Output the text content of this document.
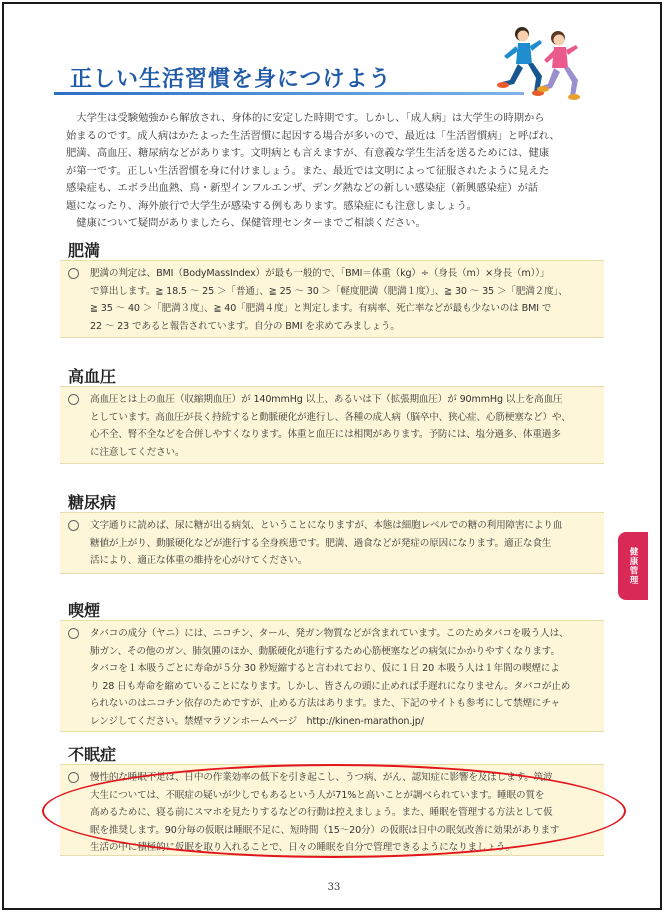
正しい生活習慣を身につけよう
　大学生は受験勉強から解放され、身体的に安定した時期です。しかし、「成人病」は大学生の時期から
始まるのです。成人病はかたよった生活習慣に起因する場合が多いので、最近は「生活習慣病」と呼ばれ、
肥満、高血圧、糖尿病などがあります。文明病とも言えますが、有意義な学生生活を送るためには、健康
が第一です。正しい生活習慣を身に付けましょう。また、最近では文明によって征服されたように見えた
感染症も、エボラ出血熱、鳥・新型インフルエンザ、デング熱などの新しい感染症（新興感染症）が話
題になったり、海外旅行で大学生が感染する例もあります。感染症にも注意しましょう。
　健康について疑問がありましたら、保健管理センターまでご相談ください。
肥満
肥満の判定は、BMI（BodyMassIndex）が最も一般的で、「BMI＝体重（kg）÷（身長（m）×身長（m））」
で算出します。≧ 18.5 ～ 25 ＞「普通」、≧ 25 ～ 30 ＞「軽度肥満（肥満１度）」、≧ 30 ～ 35 ＞「肥満２度」、
≧ 35 ～ 40 ＞「肥満３度」、≧ 40「肥満４度」と判定します。有病率、死亡率などが最も少ないのは BMI で
22 ～ 23 であると報告されています。自分の BMI を求めてみましょう。
高血圧
高血圧とは上の血圧（収縮期血圧）が 140mmHg 以上、あるいは下（拡張期血圧）が 90mmHg 以上を高血圧
としています。高血圧が長く持続すると動脈硬化が進行し、各種の成人病（脳卒中、狭心症、心筋梗塞など）や、
心不全、腎不全などを合併しやすくなります。体重と血圧には相関があります。予防には、塩分過多、体重過多
に注意してください。
糖尿病
文字通りに読めば、尿に糖が出る病気、ということになりますが、本態は細胞レベルでの糖の利用障害により血
糖値が上がり、動脈硬化などが進行する全身疾患です。肥満、過食などが発症の原因になります。適正な食生
活により、適正な体重の維持を心がけてください。
喫煙
タバコの成分（ヤニ）には、ニコチン、タール、発ガン物質などが含まれています。このためタバコを吸う人は、
肺ガン、その他のガン、肺気腫のほか、動脈硬化が進行するため心筋梗塞などの病気にかかりやすくなります。
タバコを１本吸うごとに寿命が５分 30 秒短縮すると言われており、仮に１日 20 本吸う人は１年間の喫煙によ
り 28 日も寿命を縮めていることになります。しかし、皆さんの頭に止めれば手遅れになりません。タバコが止め
られないのはニコチン依存のためですが、止める方法はあります。また、下記のサイトも参考にして禁煙にチャ
レンジしてください。禁煙マラソンホームページ　http://kinen-marathon.jp/
不眠症
慢性的な睡眠不足は、日中の作業効率の低下を引き起こし、うつ病、がん、認知症に影響を及ぼします。筑波
大生については、不眠症の疑いが少しでもあるという人が71%と高いことが調べられています。睡眠の質を
高めるために、寝る前にスマホを見たりするなどの行動は控えましょう。また、睡眠を管理する方法として仮
眠を推奨します。90分毎の仮眠は睡眠不足に、短時間（15～20分）の仮眠は日中の眠気改善に効果があります
生活の中に積極的に仮眠を取り入れることで、日々の睡眠を自分で管理できるようになりましょう。
健康管理
33
